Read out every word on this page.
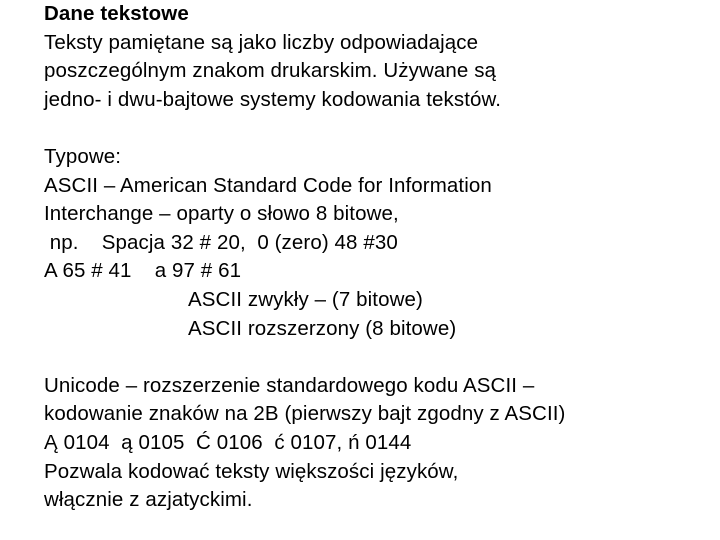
Dane tekstowe
Teksty pamiętane są jako liczby odpowiadające
poszczególnym znakom drukarskim. Używane są
jedno- i dwu-bajtowe systemy kodowania tekstów.
Typowe:
ASCII – American Standard Code for Information
Interchange – oparty o słowo 8 bitowe,
np.    Spacja 32 # 20,  0 (zero) 48 #30
A 65 # 41    a 97 # 61
ASCII zwykły – (7 bitowe)
ASCII rozszerzony (8 bitowe)
Unicode – rozszerzenie standardowego kodu ASCII –
kodowanie znaków na 2B (pierwszy bajt zgodny z ASCII)
Ą 0104  ą 0105  Ć 0106  ć 0107, ń 0144
Pozwala kodować teksty większości języków,
włącznie z azjatyckimi.
